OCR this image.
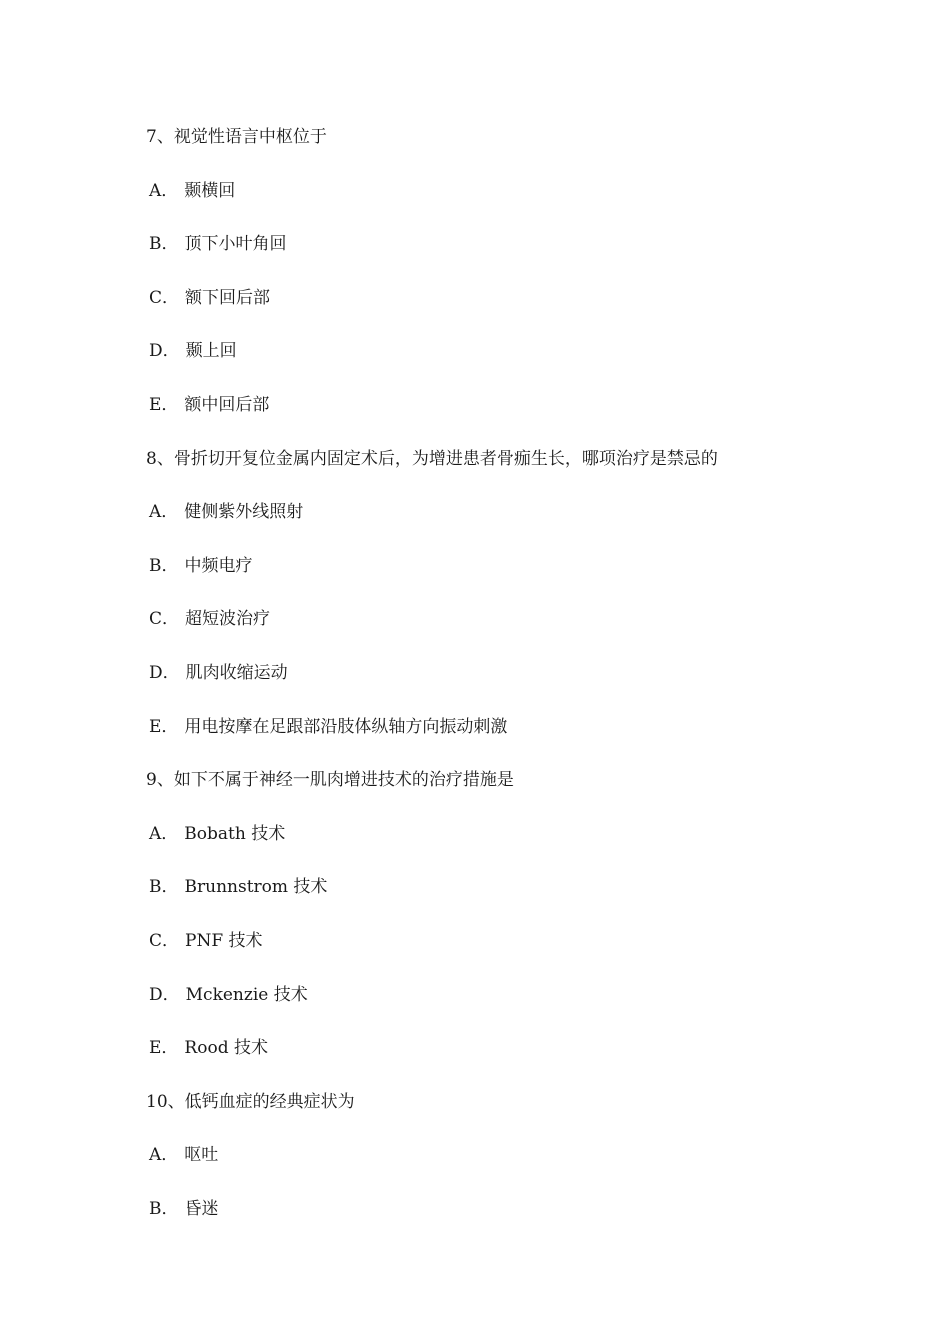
7、视觉性语言中枢位于
A． 颞横回
B． 顶下小叶角回
C． 额下回后部
D． 颞上回
E． 额中回后部
8、骨折切开复位金属内固定术后，为增进患者骨痂生长，哪项治疗是禁忌的
A． 健侧紫外线照射
B． 中频电疗
C． 超短波治疗
D． 肌肉收缩运动
E． 用电按摩在足跟部沿肢体纵轴方向振动刺激
9、如下不属于神经一肌肉增进技术的治疗措施是
A． Bobath 技术
B． Brunnstrom 技术
C． PNF 技术
D． Mckenzie 技术
E． Rood 技术
10、低钙血症的经典症状为
A． 呕吐
B． 昏迷
